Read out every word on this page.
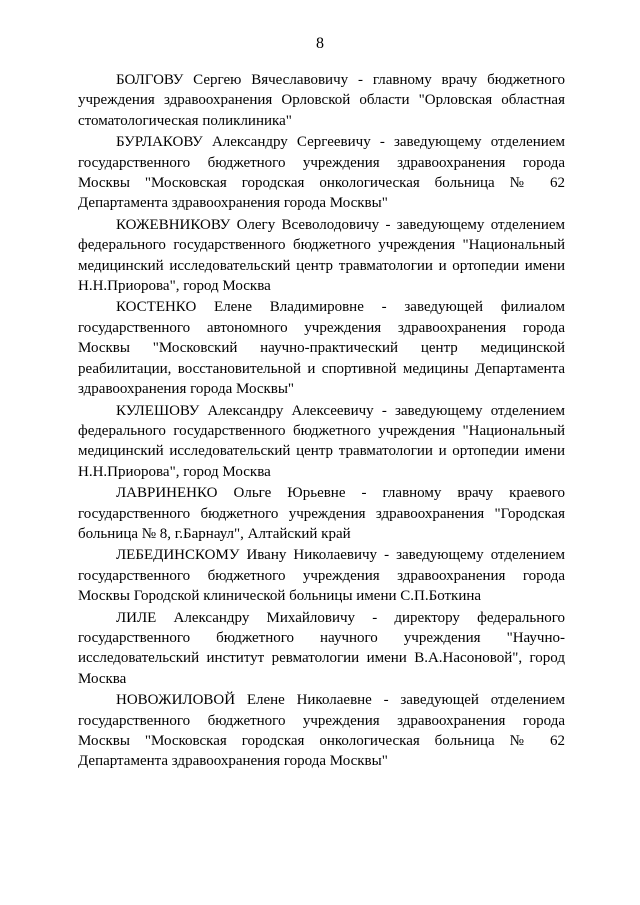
8

БОЛГОВУ Сергею Вячеславовичу - главному врачу бюджетного учреждения здравоохранения Орловской области "Орловская областная стоматологическая поликлиника"

БУРЛАКОВУ Александру Сергеевичу - заведующему отделением государственного бюджетного учреждения здравоохранения города Москвы "Московская городская онкологическая больница № 62 Департамента здравоохранения города Москвы"

КОЖЕВНИКОВУ Олегу Всеволодовичу - заведующему отделением федерального государственного бюджетного учреждения "Национальный медицинский исследовательский центр травматологии и ортопедии имени Н.Н.Приорова", город Москва

КОСТЕНКО Елене Владимировне - заведующей филиалом государственного автономного учреждения здравоохранения города Москвы "Московский научно-практический центр медицинской реабилитации, восстановительной и спортивной медицины Департамента здравоохранения города Москвы"

КУЛЕШОВУ Александру Алексеевичу - заведующему отделением федерального государственного бюджетного учреждения "Национальный медицинский исследовательский центр травматологии и ортопедии имени Н.Н.Приорова", город Москва

ЛАВРИНЕНКО Ольге Юрьевне - главному врачу краевого государственного бюджетного учреждения здравоохранения "Городская больница № 8, г.Барнаул", Алтайский край

ЛЕБЕДИНСКОМУ Ивану Николаевичу - заведующему отделением государственного бюджетного учреждения здравоохранения города Москвы Городской клинической больницы имени С.П.Боткина

ЛИЛЕ Александру Михайловичу - директору федерального государственного бюджетного научного учреждения "Научно-исследовательский институт ревматологии имени В.А.Насоновой", город Москва

НОВОЖИЛОВОЙ Елене Николаевне - заведующей отделением государственного бюджетного учреждения здравоохранения города Москвы "Московская городская онкологическая больница № 62 Департамента здравоохранения города Москвы"
